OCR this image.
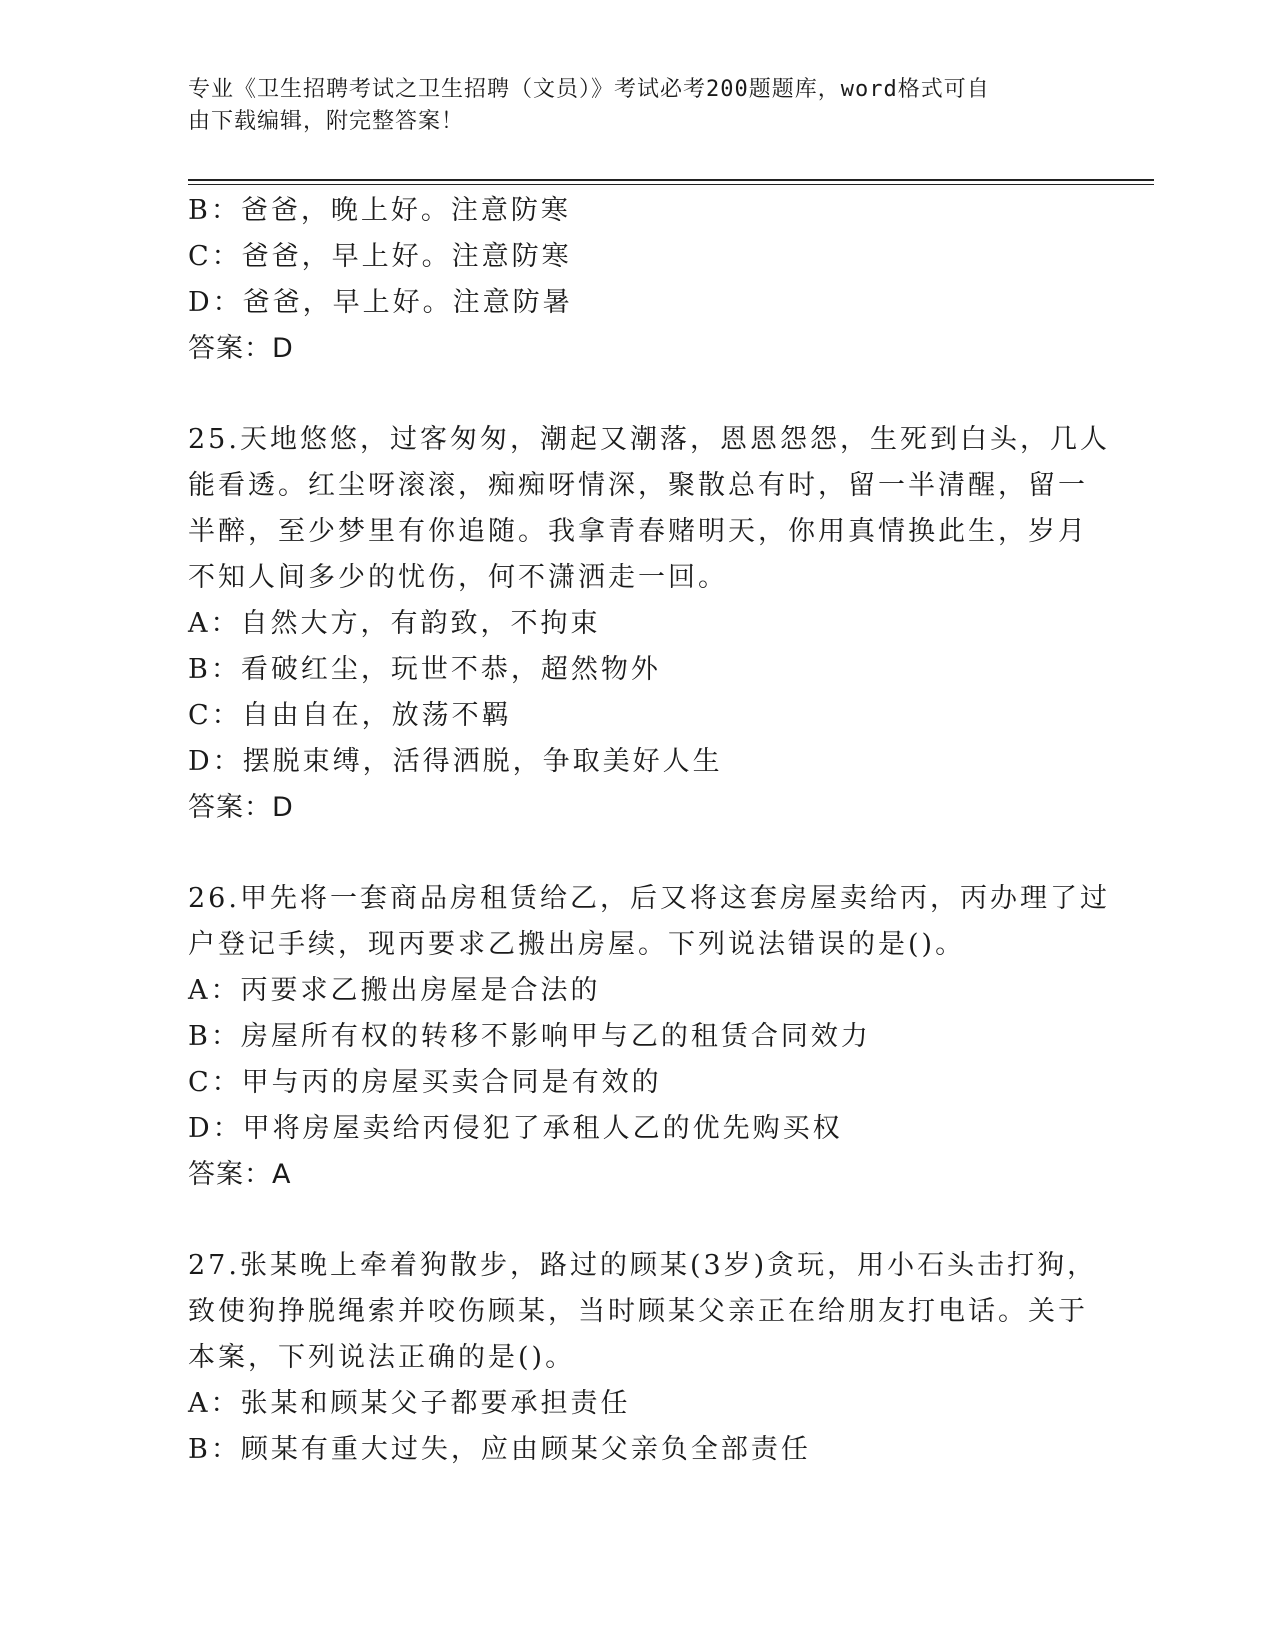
专业《卫生招聘考试之卫生招聘（文员）》考试必考200题题库，word格式可自
由下载编辑，附完整答案！
B：爸爸，晚上好。注意防寒
C：爸爸，早上好。注意防寒
D：爸爸，早上好。注意防暑
答案：D
25.天地悠悠，过客匆匆，潮起又潮落，恩恩怨怨，生死到白头，几人
能看透。红尘呀滚滚，痴痴呀情深，聚散总有时，留一半清醒，留一
半醉，至少梦里有你追随。我拿青春赌明天，你用真情换此生，岁月
不知人间多少的忧伤，何不潇洒走一回。
A：自然大方，有韵致，不拘束
B：看破红尘，玩世不恭，超然物外
C：自由自在，放荡不羁
D：摆脱束缚，活得洒脱，争取美好人生
答案：D
26.甲先将一套商品房租赁给乙，后又将这套房屋卖给丙，丙办理了过
户登记手续，现丙要求乙搬出房屋。下列说法错误的是()。
A：丙要求乙搬出房屋是合法的
B：房屋所有权的转移不影响甲与乙的租赁合同效力
C：甲与丙的房屋买卖合同是有效的
D：甲将房屋卖给丙侵犯了承租人乙的优先购买权
答案：A
27.张某晚上牵着狗散步，路过的顾某(3岁)贪玩，用小石头击打狗，
致使狗挣脱绳索并咬伤顾某，当时顾某父亲正在给朋友打电话。关于
本案，下列说法正确的是()。
A：张某和顾某父子都要承担责任
B：顾某有重大过失，应由顾某父亲负全部责任
